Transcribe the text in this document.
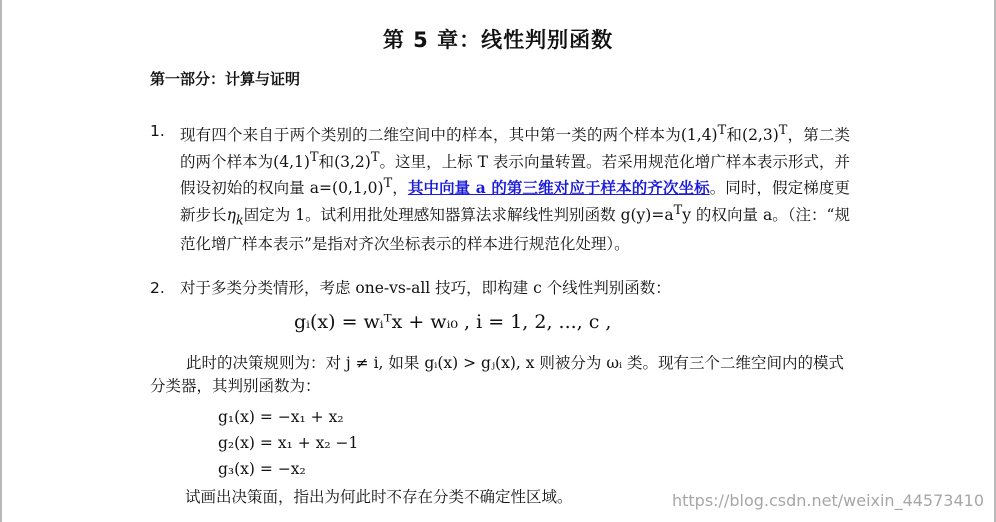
第 5 章：线性判别函数
第一部分：计算与证明
1. 现有四个来自于两个类别的二维空间中的样本，其中第一类的两个样本为$(1,4)^T$和$(2,3)^T$，第二类的两个样本为$(4,1)^T$和$(3,2)^T$。这里，上标 T 表示向量转置。若采用规范化增广样本表示形式，并假设初始的权向量 $a=(0,1,0)^T$，其中向量 a 的第三维对应于样本的齐次坐标。同时，假定梯度更新步长$\eta_k$固定为 1。试利用批处理感知器算法求解线性判别函数 $g(y)=a^Ty$ 的权向量 a。（注：“规范化增广样本表示”是指对齐次坐标表示的样本进行规范化处理）。
2. 对于多类分类情形，考虑 one-vs-all 技巧，即构建 c 个线性判别函数：
gᵢ(x) = wᵢᵀx + wᵢ₀ , i = 1, 2, ..., c ,
此时的决策规则为：对 j ≠ i, 如果 gᵢ(x) > gⱼ(x), x 则被分为 ωᵢ 类。现有三个二维空间内的模式分类器，其判别函数为：
g₁(x) = −x₁ + x₂
g₂(x) = x₁ + x₂ −1
g₃(x) = −x₂
试画出决策面，指出为何此时不存在分类不确定性区域。	https://blog.csdn.net/weixin_44573410
